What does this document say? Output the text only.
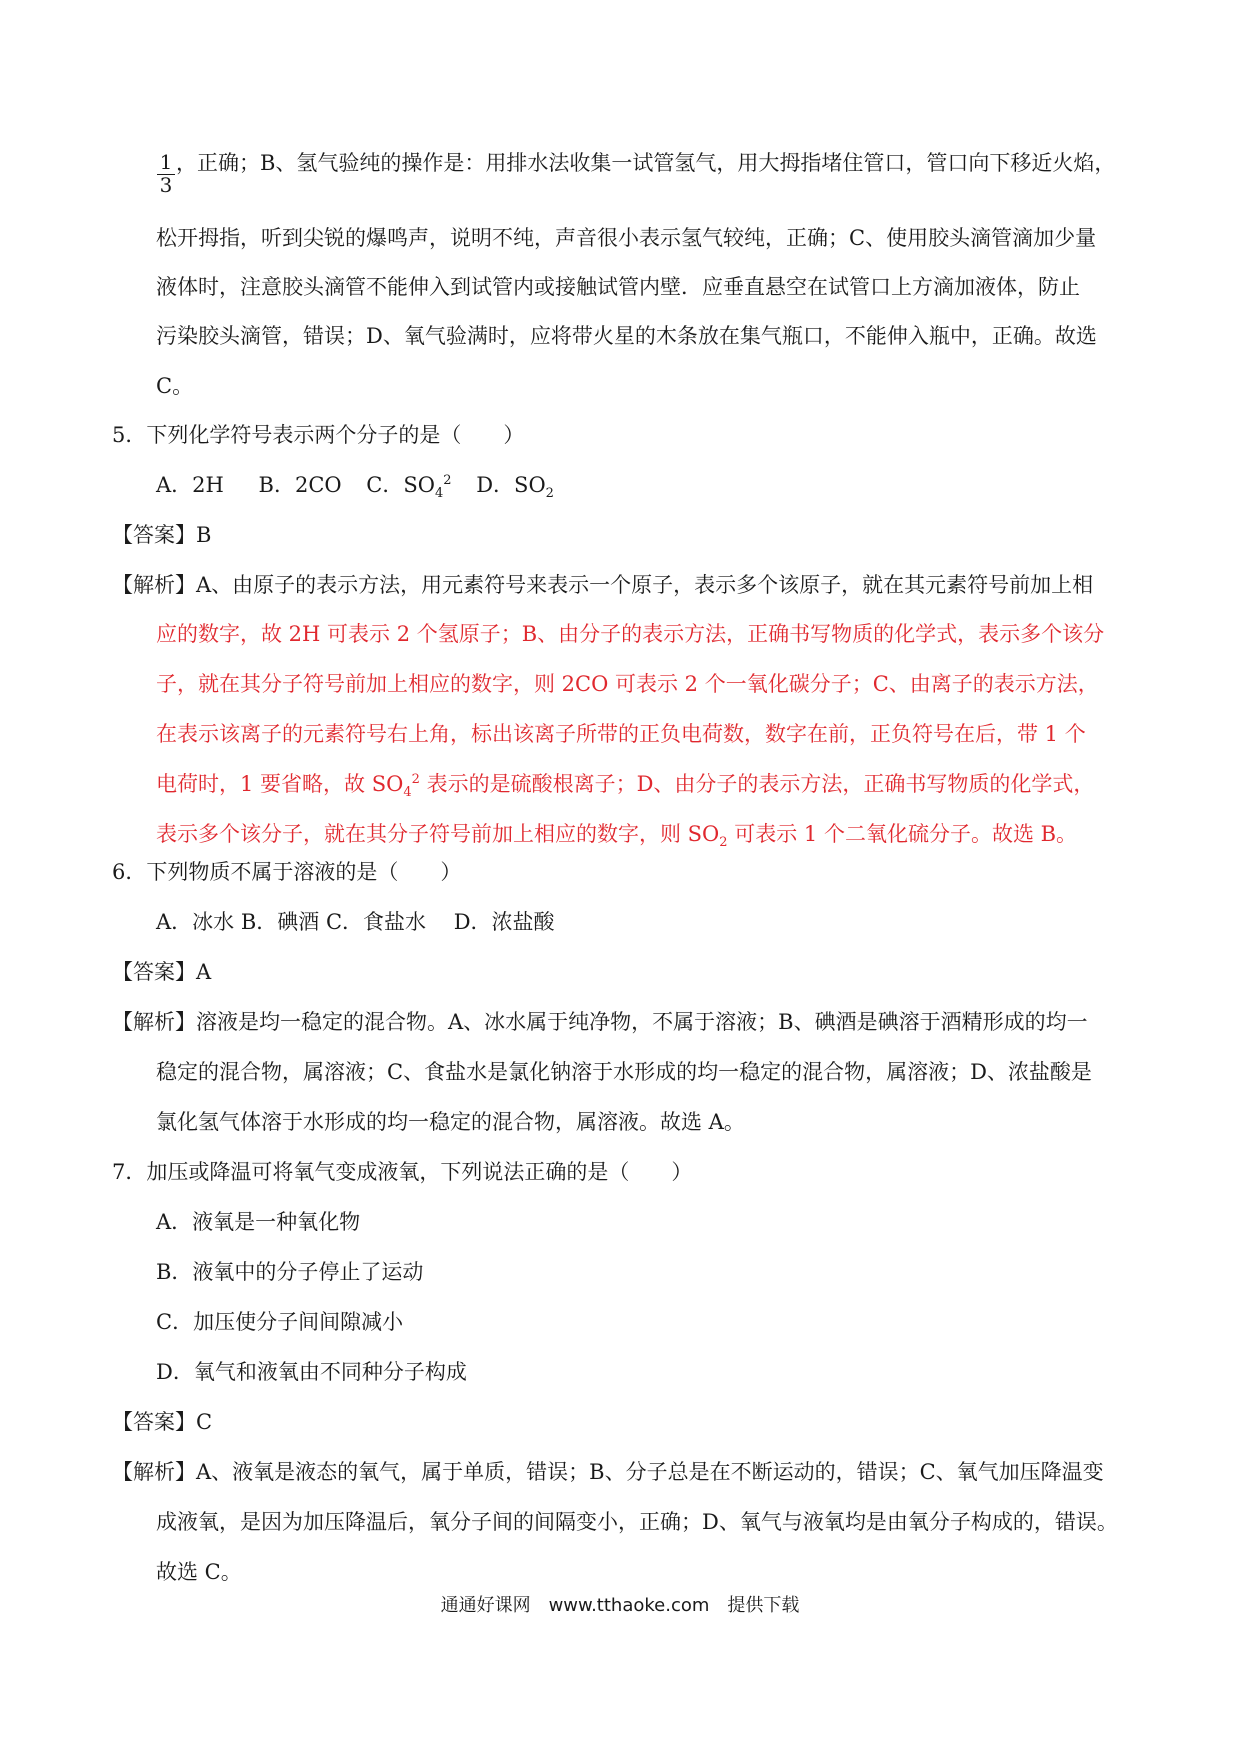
1
3
，正确；B、氢气验纯的操作是：用排水法收集一试管氢气，用大拇指堵住管口，管口向下移近火焰，
松开拇指，听到尖锐的爆鸣声，说明不纯，声音很小表示氢气较纯，正确；C、使用胶头滴管滴加少量
液体时，注意胶头滴管不能伸入到试管内或接触试管内壁．应垂直悬空在试管口上方滴加液体，防止
污染胶头滴管，错误；D、氧气验满时，应将带火星的木条放在集气瓶口，不能伸入瓶中，正确。故选
C。
5．下列化学符号表示两个分子的是（　　）
A．2H B．2CO C．$SO_4^2$ D．$SO_2$
【答案】B
【解析】A、由原子的表示方法，用元素符号来表示一个原子，表示多个该原子，就在其元素符号前加上相
应的数字，故 2H 可表示 2 个氢原子；B、由分子的表示方法，正确书写物质的化学式，表示多个该分
子，就在其分子符号前加上相应的数字，则 2CO 可表示 2 个一氧化碳分子；C、由离子的表示方法，
在表示该离子的元素符号右上角，标出该离子所带的正负电荷数，数字在前，正负符号在后，带 1 个
电荷时，1 要省略，故 $SO_4^2$ 表示的是硫酸根离子；D、由分子的表示方法，正确书写物质的化学式，
表示多个该分子，就在其分子符号前加上相应的数字，则 $SO_2$ 可表示 1 个二氧化硫分子。故选 B。
6．下列物质不属于溶液的是（　　）
A．冰水 B．碘酒 C．食盐水　 D．浓盐酸
【答案】A
【解析】溶液是均一稳定的混合物。A、冰水属于纯净物，不属于溶液；B、碘酒是碘溶于酒精形成的均一
稳定的混合物，属溶液；C、食盐水是氯化钠溶于水形成的均一稳定的混合物，属溶液；D、浓盐酸是
氯化氢气体溶于水形成的均一稳定的混合物，属溶液。故选 A。
7．加压或降温可将氧气变成液氧，下列说法正确的是（　　）
A．液氧是一种氧化物
B．液氧中的分子停止了运动
C．加压使分子间间隙减小
D．氧气和液氧由不同种分子构成
【答案】C
【解析】A、液氧是液态的氧气，属于单质，错误；B、分子总是在不断运动的，错误；C、氧气加压降温变
成液氧，是因为加压降温后，氧分子间的间隔变小，正确；D、氧气与液氧均是由氧分子构成的，错误。
故选 C。
通通好课网　www.tthaoke.com　提供下载
